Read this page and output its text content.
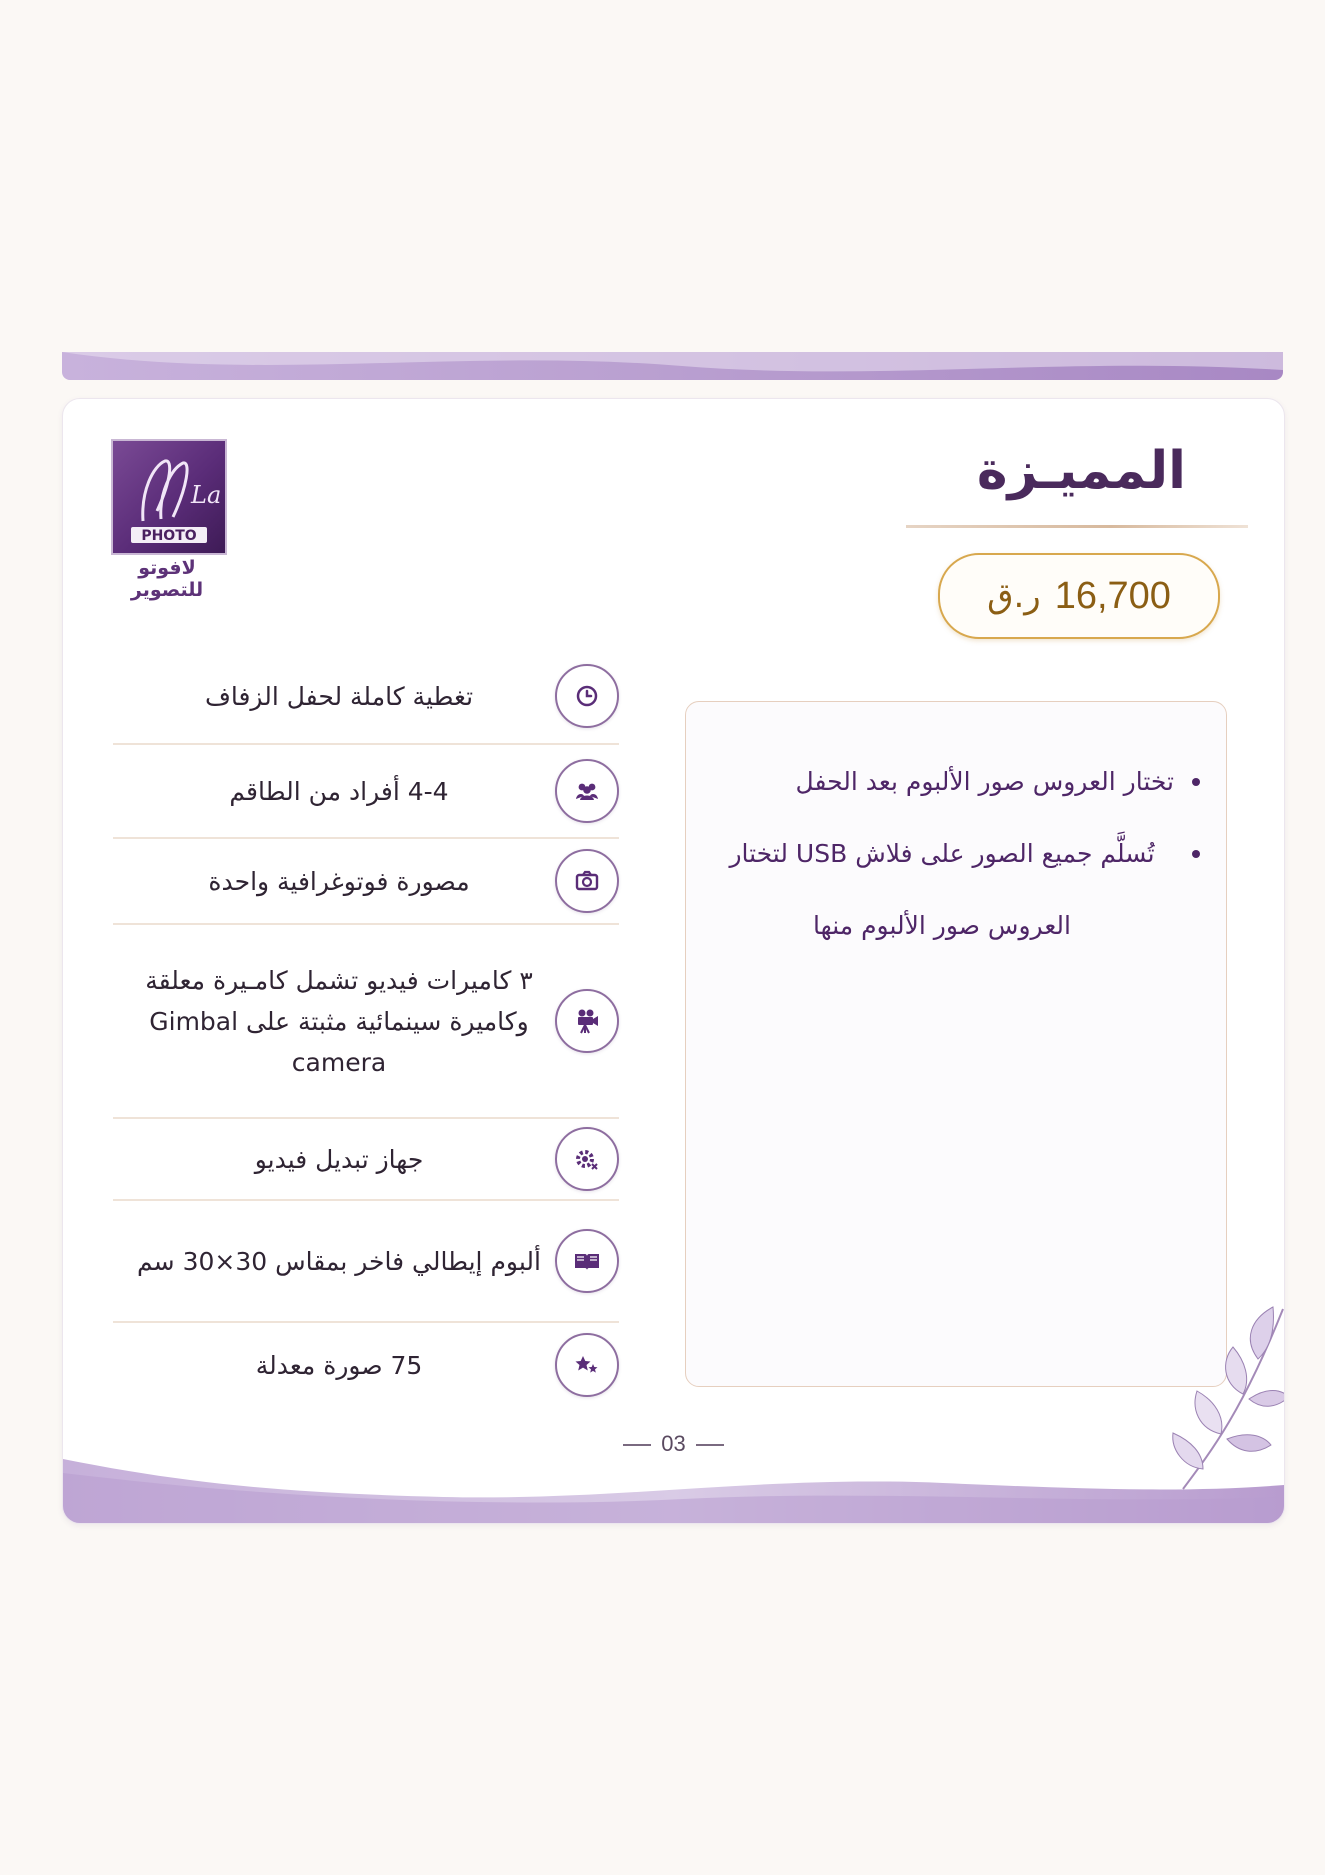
La
PHOTO
لافوتو للتصوير
المميـزة
16,700
ر.ق
تغطية كاملة لحفل الزفاف
4-4 أفراد من الطاقم
مصورة فوتوغرافية واحدة
٣ كاميرات فيديو تشمل كامـيرة معلقة وكاميرة سينمائية مثبتة على Gimbal camera
جهاز تبديل فيديو
ألبوم إيطالي فاخر بمقاس 30×30 سم
75 صورة معدلة
تختار العروس صور الألبوم بعد الحفل
تُسلَّم جميع الصور على فلاش USB لتختار العروس صور الألبوم منها
03
